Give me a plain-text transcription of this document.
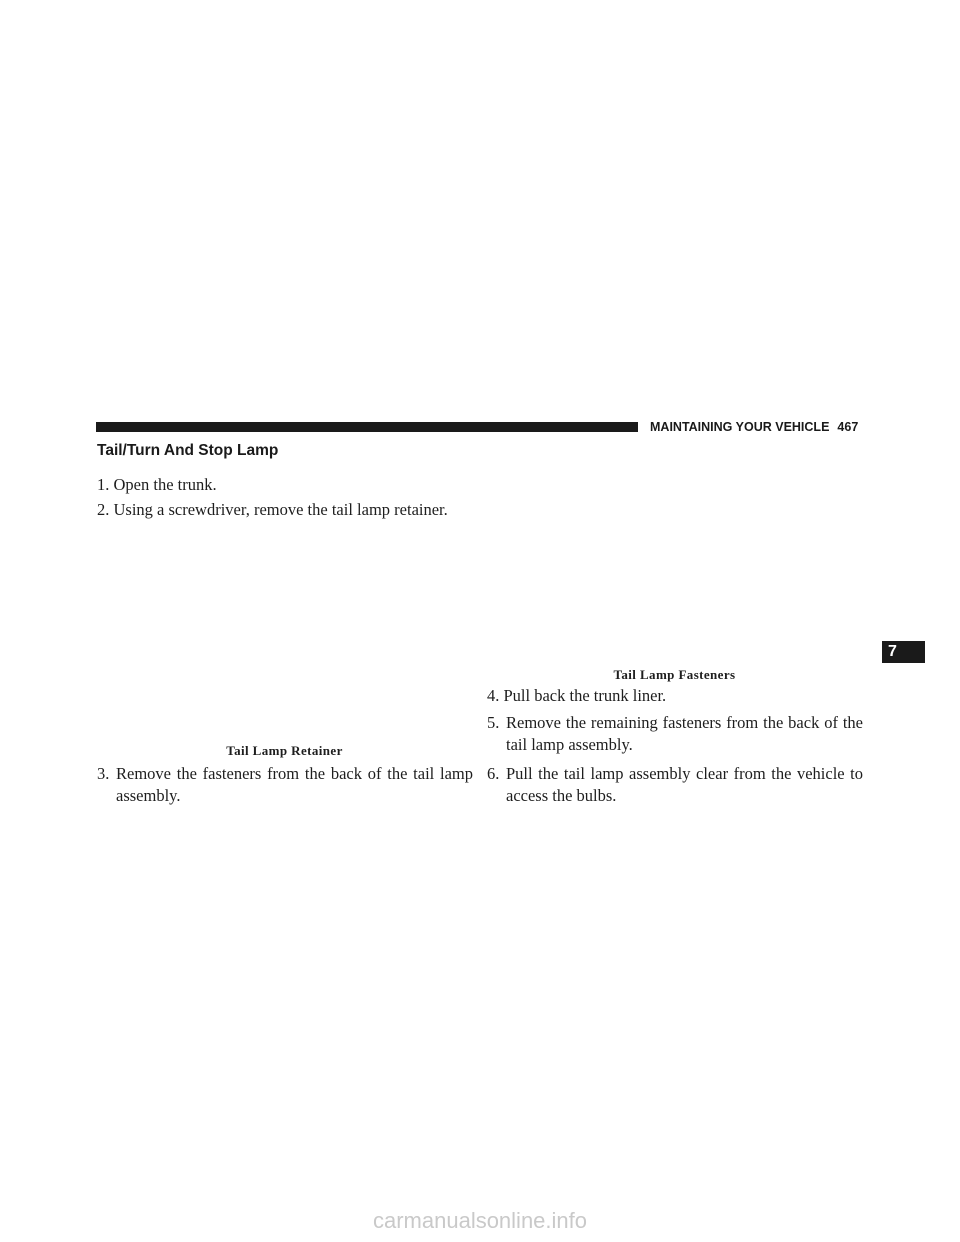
MAINTAINING YOUR VEHICLE 467
Tail/Turn And Stop Lamp
1. Open the trunk.
2. Using a screwdriver, remove the tail lamp retainer.
Tail Lamp Retainer
3. Remove the fasteners from the back of the tail lamp assembly.
Tail Lamp Fasteners
4. Pull back the trunk liner.
5. Remove the remaining fasteners from the back of the tail lamp assembly.
6. Pull the tail lamp assembly clear from the vehicle to access the bulbs.
7
carmanualsonline.info
